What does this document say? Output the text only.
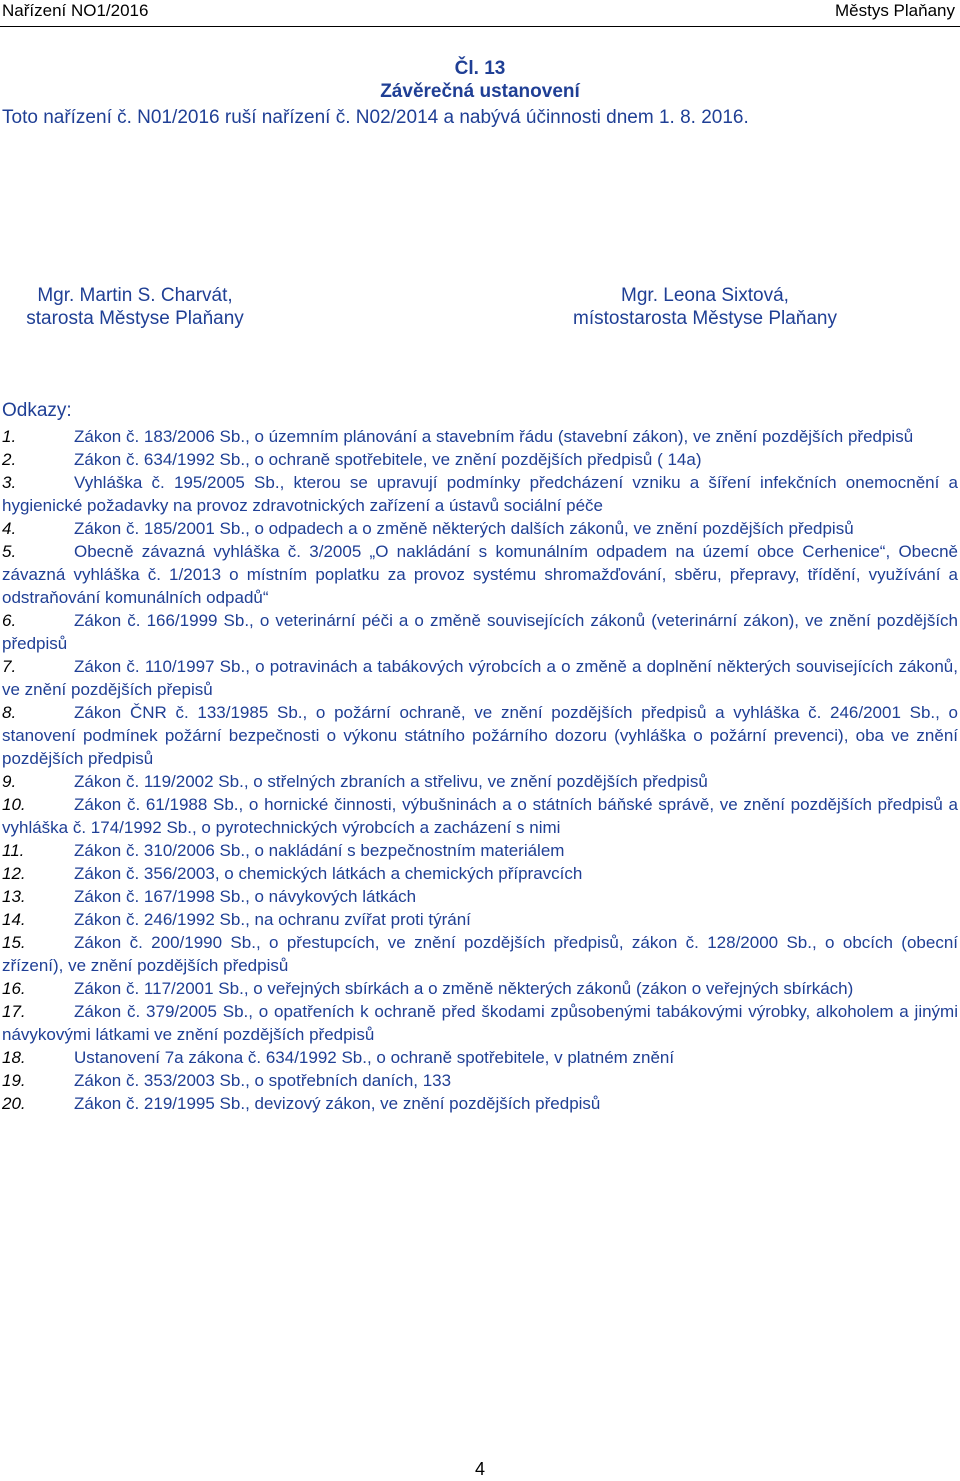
Nařízení NO1/2016	Městys Plaňany
Čl. 13
Závěrečná ustanovení
Toto nařízení č. N01/2016 ruší nařízení č. N02/2014 a nabývá účinnosti dnem 1. 8. 2016.
Mgr. Martin S. Charvát,
starosta Městyse Plaňany
Mgr. Leona Sixtová,
místostarosta Městyse Plaňany
Odkazy:
1.	Zákon č. 183/2006 Sb., o územním plánování a stavebním řádu (stavební zákon), ve znění pozdějších předpisů
2.	Zákon č. 634/1992 Sb., o ochraně spotřebitele, ve znění pozdějších předpisů ( 14a)
3.	Vyhláška č. 195/2005 Sb., kterou se upravují podmínky předcházení vzniku a šíření infekčních onemocnění a hygienické požadavky na provoz zdravotnických zařízení a ústavů sociální péče
4.	Zákon č. 185/2001 Sb., o odpadech a o změně některých dalších zákonů, ve znění pozdějších předpisů
5.	Obecně závazná vyhláška č. 3/2005 „O nakládání s komunálním odpadem na území obce Cerhenice“, Obecně závazná vyhláška č. 1/2013 o místním poplatku za provoz systému shromažďování, sběru, přepravy, třídění, využívání a odstraňování komunálních odpadů“
6.	Zákon č. 166/1999 Sb., o veterinární péči a o změně souvisejících zákonů (veterinární zákon), ve znění pozdějších předpisů
7.	Zákon č. 110/1997 Sb., o potravinách a tabákových výrobcích a o změně a doplnění některých souvisejících zákonů, ve znění pozdějších přepisů
8.	Zákon ČNR č. 133/1985 Sb., o požární ochraně, ve znění pozdějších předpisů a vyhláška č. 246/2001 Sb., o stanovení podmínek požární bezpečnosti o výkonu státního požárního dozoru (vyhláška o požární prevenci), oba ve znění pozdějších předpisů
9.	Zákon č. 119/2002 Sb., o střelných zbraních a střelivu, ve znění pozdějších předpisů
10.	Zákon č. 61/1988 Sb., o hornické činnosti, výbušninách a o státních báňské správě, ve znění pozdějších předpisů a vyhláška č. 174/1992 Sb., o pyrotechnických výrobcích a zacházení s nimi
11.	Zákon č. 310/2006 Sb., o nakládání s bezpečnostním materiálem
12.	Zákon č. 356/2003, o chemických látkách a chemických přípravcích
13.	Zákon č. 167/1998 Sb., o návykových látkách
14.	Zákon č. 246/1992 Sb., na ochranu zvířat proti týrání
15.	Zákon č. 200/1990 Sb., o přestupcích, ve znění pozdějších předpisů, zákon č. 128/2000 Sb., o obcích (obecní zřízení), ve znění pozdějších předpisů
16.	Zákon č. 117/2001 Sb., o veřejných sbírkách a o změně některých zákonů (zákon o veřejných sbírkách)
17.	Zákon č. 379/2005 Sb., o opatřeních k ochraně před škodami způsobenými tabákovými výrobky, alkoholem a jinými návykovými látkami ve znění pozdějších předpisů
18.	Ustanovení 7a zákona č. 634/1992 Sb., o ochraně spotřebitele, v platném znění
19.	Zákon č. 353/2003 Sb., o spotřebních daních, 133
20.	Zákon č. 219/1995 Sb., devizový zákon, ve znění pozdějších předpisů
4
